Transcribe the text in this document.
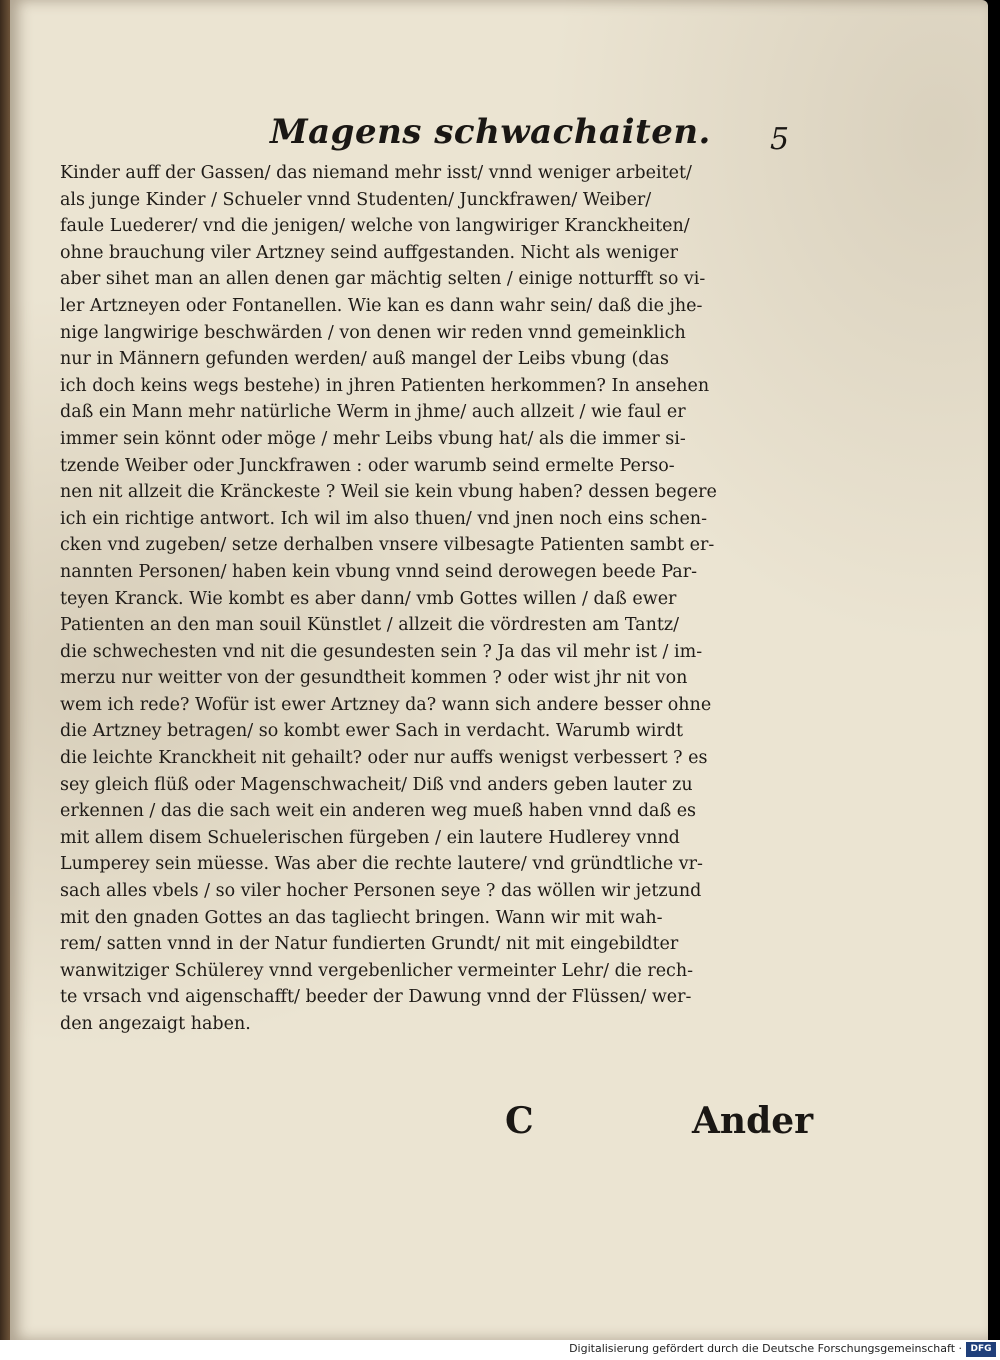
Magens schwachaiten.	5
Kinder auff der Gassen/ das niemand mehr isst/ vnnd weniger arbeitet/
als junge Kinder / Schueler vnnd Studenten/ Junckfrawen/ Weiber/
faule Luederer/ vnd die jenigen/ welche von langwiriger Kranckheiten/
ohne brauchung viler Artzney seind auffgestanden. Nicht als weniger
aber sihet man an allen denen gar mächtig selten / einige notturfft so vi-
ler Artzneyen oder Fontanellen. Wie kan es dann wahr sein/ daß die jhe-
nige langwirige beschwärden / von denen wir reden vnnd gemeinklich
nur in Männern gefunden werden/ auß mangel der Leibs vbung (das
ich doch keins wegs bestehe) in jhren Patienten herkommen? In ansehen
daß ein Mann mehr natürliche Werm in jhme/ auch allzeit / wie faul er
immer sein könnt oder möge / mehr Leibs vbung hat/ als die immer si-
tzende Weiber oder Junckfrawen : oder warumb seind ermelte Perso-
nen nit allzeit die Kränckeste ? Weil sie kein vbung haben? dessen begere
ich ein richtige antwort. Ich wil im also thuen/ vnd jnen noch eins schen-
cken vnd zugeben/ setze derhalben vnsere vilbesagte Patienten sambt er-
nannten Personen/ haben kein vbung vnnd seind derowegen beede Par-
teyen Kranck. Wie kombt es aber dann/ vmb Gottes willen / daß ewer
Patienten an den man souil Künstlet / allzeit die vördresten am Tantz/
die schwechesten vnd nit die gesundesten sein ? Ja das vil mehr ist / im-
merzu nur weitter von der gesundtheit kommen ? oder wist jhr nit von
wem ich rede? Wofür ist ewer Artzney da? wann sich andere besser ohne
die Artzney betragen/ so kombt ewer Sach in verdacht. Warumb wirdt
die leichte Kranckheit nit gehailt? oder nur auffs wenigst verbessert ? es
sey gleich flüß oder Magenschwacheit/ Diß vnd anders geben lauter zu
erkennen / das die sach weit ein anderen weg mueß haben vnnd daß es
mit allem disem Schuelerischen fürgeben / ein lautere Hudlerey vnnd
Lumperey sein müesse. Was aber die rechte lautere/ vnd gründtliche vr-
sach alles vbels / so viler hocher Personen seye ? das wöllen wir jetzund
mit den gnaden Gottes an das tagliecht bringen. Wann wir mit wah-
rem/ satten vnnd in der Natur fundierten Grundt/ nit mit eingebildter
wanwitziger Schülerey vnnd vergebenlicher vermeinter Lehr/ die rech-
te vrsach vnd aigenschafft/ beeder der Dawung vnnd der Flüssen/ wer-
den angezaigt haben.
C	Ander
Digitalisierung gefördert durch die Deutsche Forschungsgemeinschaft · DFG
